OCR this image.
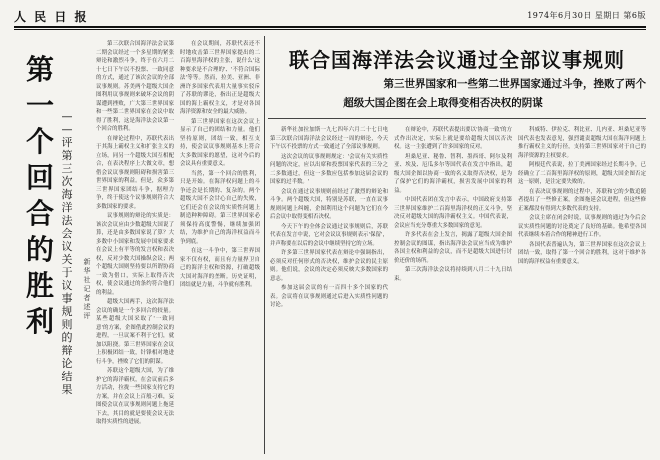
人 民 日 报	1974年6月30日 星期日 第6版
第
一
个
回
合
的
胜
利
—
—
评
第
三
次
海
洋
法
会
议
关
于
议
事
规
则
的
辩
论
结
果
新
华
社
记
者
述
评

第三次联合国海洋法会议第二期会议经过一个多星期的紧张辩论和激烈斗争，终于在六月二十七日下午以不投票、一致同意的方式，通过了该次会议的全部议事规则。苏美两个超级大国企图利用议事规则来破坏会议的阴谋遭到挫败，广大第三世界国家和一些第二世界国家在会议中取得了胜利，这是海洋法会议第一个回合的胜利。

在辩论过程中，苏联代表出于其海上霸权主义和扩张主义的立场，同另一个超级大国互相配合，在表决程序上大做文章，想借会议议事规则阻碍和损害第三世界国家的利益。但是，众多第三世界国家团结斗争，据理力争，终于使这个议事规则符合大多数国家的要求。

议事规则的辩论的实质是：该次会议应由少数超级大国说了算，还是由多数国家说了算？大多数中小国家和发展中国家要求在会议上有平等的发言权和表决权，反对少数大国操纵会议；两个超级大国则坚持要以所谓协商一致为借口，实际上取得否决权，使会议通过的条约符合他们的利益。

超级大国两手，这次海洋法会议的确是一个多回合的较量。某些超级大国采取了'一致同意'的方案，企图借此控制会议的进程，一旦议案不利于它们，就加以阻挠。第三世界国家在会议上积极团结一致，针锋相对地进行斗争，挫败了它们的阴谋。

苏联这个超级大国，为了维护它的海洋霸权，在会议前后多方活动，拉拢一些国家支持它的方案，并在会议上百般刁难，妄图使会议在议事规则问题上拖延下去，其目的就是要使会议无法取得实质性的进展。

在会议期间，苏联代表还不时地攻击第三世界国家提出的二百海里海洋权的主张，说什么'这种要求是不合理的'、'不符合国际法'等等。然而，拉美、亚洲、非洲许多国家代表用大量事实驳斥了苏联的谬论，指出正是超级大国的海上霸权主义，才是对各国海洋资源和安全的最大威胁。

第三世界国家在这次会议上显示了自己的团结和力量。他们坚持原则，团结一致，相互支持，使会议议事规则基本上符合大多数国家的愿望，这对今后的会议具有重要意义。

当然，第一个回合的胜利，只是开始。在海洋权问题上的斗争还会是长期的、复杂的。两个超级大国不会甘心自己的失败，它们还会在会议的实质性问题上制造种种障碍。第三世界国家必须保持高度警惕，继续加强团结，为维护自己的海洋权益而斗争到底。

在这一斗争中，第三世界国家不仅有权，而且有力量捍卫自己的海洋主权和资源，打破超级大国对海洋的垄断。历史证明，团结就是力量，斗争就有胜利。

联合国海洋法会议通过全部议事规则
第三世界国家和一些第二世界国家通过斗争，挫败了两个
超级大国企图在会上取得变相否决权的阴谋

新华社加拉加斯一九七四年六月二十七日电 第三次联合国海洋法会议经过一周的辩论，今天下午以不投票的方式一致通过了全部议事规则。

这次会议的议事规则规定：'会议有关实质性问题的决定，应以出席和投票国家代表的三分之二多数通过，但这一多数应包括参加这届会议的国家的过半数。'

会议在通过议事规则前经过了激烈的辩论和斗争。两个超级大国，特别是苏联，一直在议事规则问题上纠缠，企图利用这个问题为它们在今后会议中取得变相否决权。

今天下午的全体会议通过议事规则后，苏联代表在发言中说，它对会议议事规则表示'保留'，并声称要在以后的会议中继续坚持它的立场。

许多第三世界国家代表在辩论中强调指出，必须反对任何形式的否决权，维护会议的民主原则。他们说，会议的决定必须反映大多数国家的意志。

参加这届会议的有一百四十多个国家的代表。会议将在议事规则通过后进入实质性问题的讨论。

在辩论中，苏联代表提出要以'协商一致'的方式作出决定，实际上就是要给超级大国以否决权。这一主张遭到了许多国家的反对。

坦桑尼亚、秘鲁、智利、墨西哥、阿尔及利亚、埃及、厄瓜多尔等国代表在发言中指出，超级大国企图以协商一致的名义取得否决权，是为了保护它们的海洋霸权，损害发展中国家的利益。

中国代表团在发言中表示，中国政府支持第三世界国家维护二百海里海洋权的正义斗争，坚决反对超级大国的海洋霸权主义。中国代表说，会议应当充分尊重大多数国家的意见。

许多代表在会上发言，揭露了超级大国企图控制会议的图谋，指出海洋法会议应当成为维护各国主权和利益的会议，而不是超级大国进行讨价还价的场所。

第三次海洋法会议将持续到八月二十九日结束。

科威特、伊拉克、利比亚、几内亚、坦桑尼亚等国代表也发表意见，强烈谴责超级大国在海洋问题上推行霸权主义的行径，支持第三世界国家对于自己的海洋资源的主权要求。

阿根廷代表说，拉丁美洲国家经过长期斗争，已经确立了二百海里海洋权的原则，超级大国企图否定这一原则，是注定要失败的。

在表决议事规则的过程中，苏联和它的少数追随者提出了一些修正案，企图拖延会议进程，但这些修正案都没有得到大多数代表的支持。

会议主席在闭会时说，议事规则的通过为今后会议实质性问题的讨论奠定了良好的基础。他希望各国代表继续本着合作的精神进行工作。

各国代表普遍认为，第三世界国家在这次会议上团结一致，取得了第一个回合的胜利，这对于维护各国的海洋权益有重要意义。
